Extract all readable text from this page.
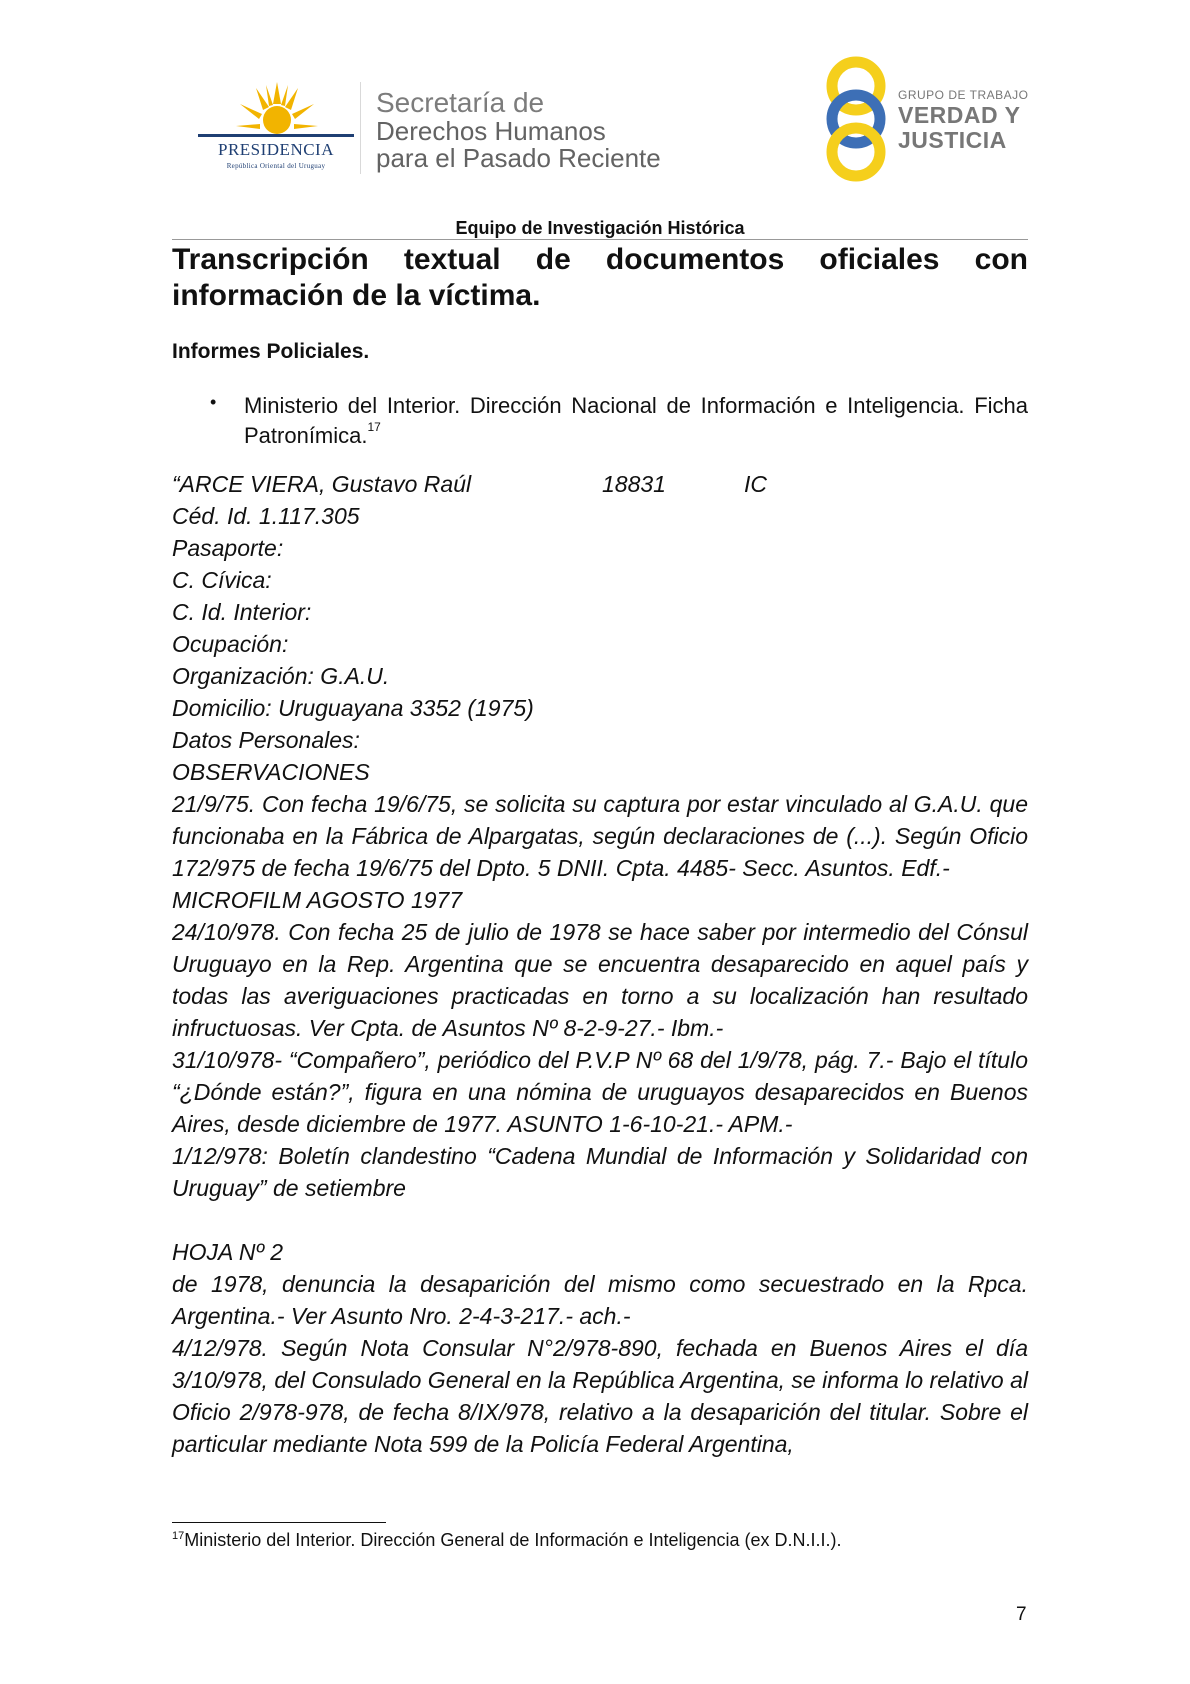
PRESIDENCIA
República Oriental del Uruguay
Secretaría de
Derechos Humanos
para el Pasado Reciente
GRUPO DE TRABAJO
VERDAD Y
JUSTICIA
Equipo de Investigación Histórica
Transcripción textual de documentos oficiales con información de la víctima.
Informes Policiales.
• Ministerio del Interior. Dirección Nacional de Información e Inteligencia. Ficha Patronímica.$^{17}$
“ARCE VIERA, Gustavo Raúl	18831	IC
Céd. Id. 1.117.305
Pasaporte:
C. Cívica:
C. Id. Interior:
Ocupación:
Organización: G.A.U.
Domicilio: Uruguayana 3352 (1975)
Datos Personales:
OBSERVACIONES
21/9/75. Con fecha 19/6/75, se solicita su captura por estar vinculado al G.A.U. que funcionaba en la Fábrica de Alpargatas, según declaraciones de (...). Según Oficio 172/975 de fecha 19/6/75 del Dpto. 5 DNII. Cpta. 4485- Secc. Asuntos. Edf.-
MICROFILM AGOSTO 1977
24/10/978. Con fecha 25 de julio de 1978 se hace saber por intermedio del Cónsul Uruguayo en la Rep. Argentina que se encuentra desaparecido en aquel país y todas las averiguaciones practicadas en torno a su localización han resultado infructuosas. Ver Cpta. de Asuntos Nº 8-2-9-27.- Ibm.-
31/10/978- “Compañero”, periódico del P.V.P Nº 68 del 1/9/78, pág. 7.- Bajo el título “¿Dónde están?”, figura en una nómina de uruguayos desaparecidos en Buenos Aires, desde diciembre de 1977. ASUNTO 1-6-10-21.- APM.-
1/12/978: Boletín clandestino “Cadena Mundial de Información y Solidaridad con Uruguay” de setiembre
HOJA Nº 2
de 1978, denuncia la desaparición del mismo como secuestrado en la Rpca. Argentina.- Ver Asunto Nro. 2-4-3-217.- ach.-
4/12/978. Según Nota Consular N°2/978-890, fechada en Buenos Aires el día 3/10/978, del Consulado General en la República Argentina, se informa lo relativo al Oficio 2/978-978, de fecha 8/IX/978, relativo a la desaparición del titular. Sobre el particular mediante Nota 599 de la Policía Federal Argentina,
$^{17}$Ministerio del Interior. Dirección General de Información e Inteligencia (ex D.N.I.I.).
7
